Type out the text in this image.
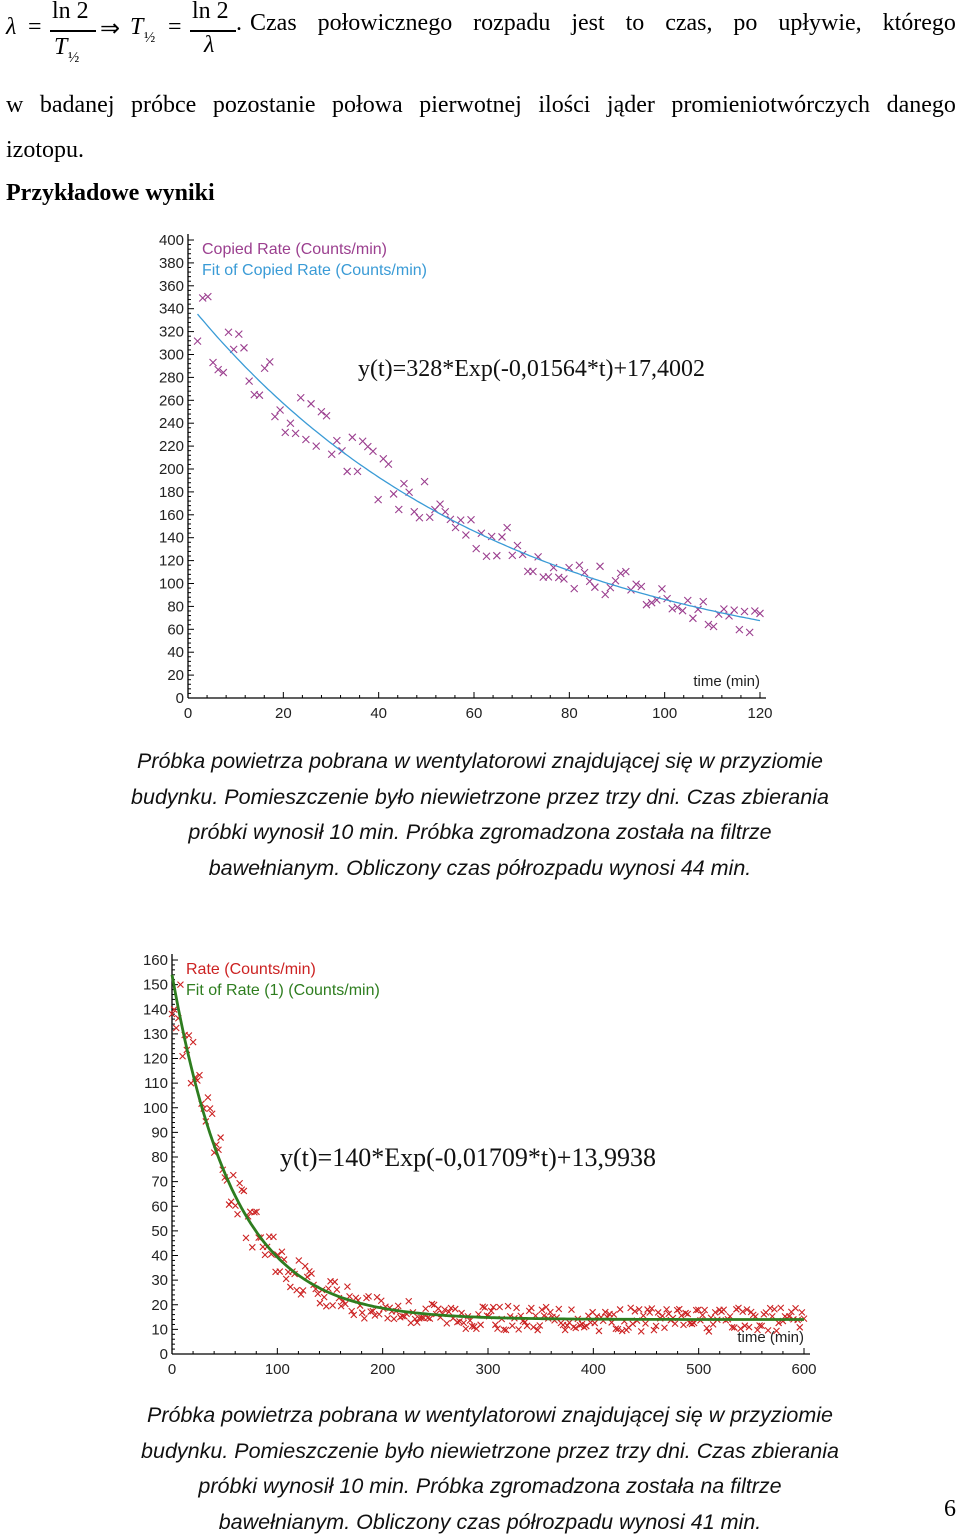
λ =
ln 2
T ½
⇒ T ½ =
ln 2
λ
. Czas połowicznego rozpadu jest to czas, po upływie, którego
w badanej próbce pozostanie połowa pierwotnej ilości jąder promieniotwórczych danego
izotopu.
Przykładowe wyniki
0
20
40
60
80
100
120
140
160
180
200
220
240
260
280
300
320
340
360
380
400
0	20	40	60	80	100	120
Copied Rate (Counts/min)
Fit of Copied Rate (Counts/min)
y(t)=328*Exp(-0,01564*t)+17,4002
time (min)
Próbka powietrza pobrana w wentylatorowi znajdującej się w przyziomie
budynku. Pomieszczenie było niewietrzone przez trzy dni. Czas zbierania
próbki wynosił 10 min. Próbka zgromadzona została na filtrze
bawełnianym. Obliczony czas półrozpadu wynosi 44 min.
0
10
20
30
40
50
60
70
80
90
100
110
120
130
140
150
160
0	100	200	300	400	500	600
Rate (Counts/min)
Fit of Rate (1) (Counts/min)
y(t)=140*Exp(-0,01709*t)+13,9938
time (min)
Próbka powietrza pobrana w wentylatorowi znajdującej się w przyziomie
budynku. Pomieszczenie było niewietrzone przez trzy dni. Czas zbierania
próbki wynosił 10 min. Próbka zgromadzona została na filtrze
bawełnianym. Obliczony czas półrozpadu wynosi 41 min.	6
